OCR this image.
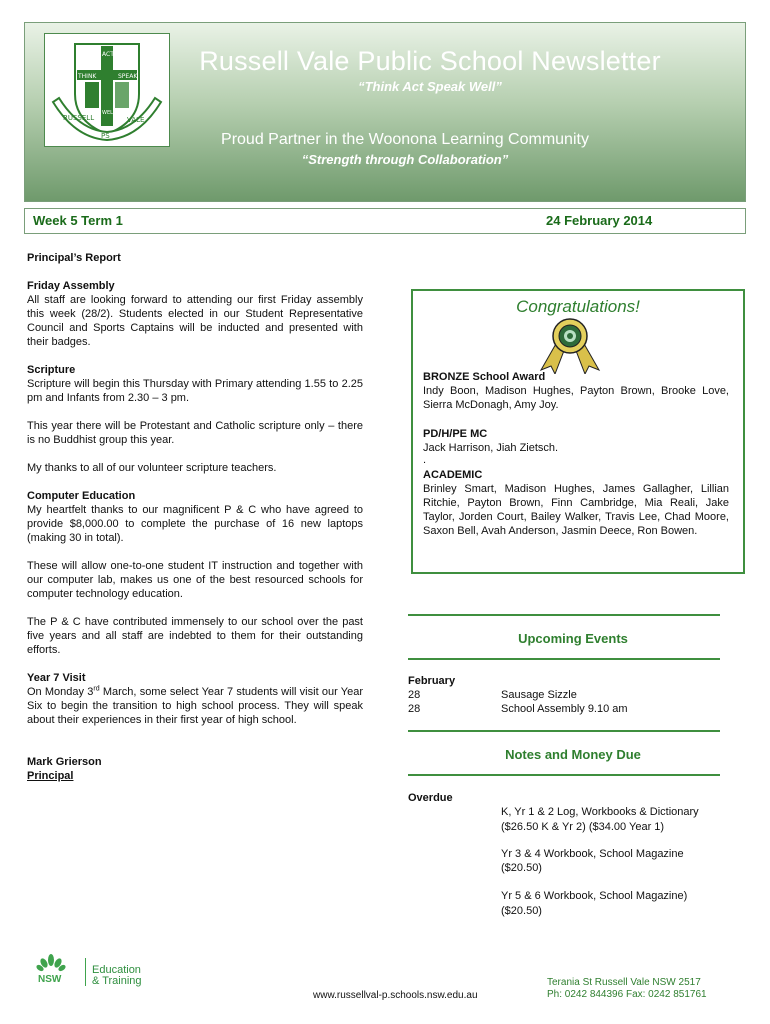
ACT
THINK	SPEAK
WELL
RUSSELL	VALE
PS
Russell Vale Public School Newsletter
“Think Act Speak Well”
Proud Partner in the Woonona Learning Community
“Strength through Collaboration”
Week 5 Term 1	24 February 2014
Principal’s Report
Friday Assembly

All staff are looking forward to attending our first Friday assembly this week (28/2). Students elected in our Student Representative Council and Sports Captains will be inducted and presented with their badges.

Scripture

Scripture will begin this Thursday with Primary attending 1.55 to 2.25 pm and Infants from 2.30 – 3 pm.

This year there will be Protestant and Catholic scripture only – there is no Buddhist group this year.

My thanks to all of our volunteer scripture teachers.

Computer Education

My heartfelt thanks to our magnificent P & C who have agreed to provide $8,000.00 to complete the purchase of 16 new laptops (making 30 in total).

These will allow one-to-one student IT instruction and together with our computer lab, makes us one of the best resourced schools for computer technology education.

The P & C have contributed immensely to our school over the past five years and all staff are indebted to them for their outstanding efforts.

Year 7 Visit

On Monday 3rd March, some select Year 7 students will visit our Year Six to begin the transition to high school process. They will speak about their experiences in their first year of high school.

Mark Grierson
Principal
Congratulations!
BRONZE School Award

Indy Boon, Madison Hughes, Payton Brown, Brooke Love, Sierra McDonagh, Amy Joy.

PD/H/PE MC

Jack Harrison, Jiah Zietsch.

.

ACADEMIC

Brinley Smart, Madison Hughes, James Gallagher, Lillian Ritchie, Payton Brown, Finn Cambridge, Mia Reali, Jake Taylor, Jorden Court, Bailey Walker, Travis Lee, Chad Moore, Saxon Bell, Avah Anderson, Jasmin Deece, Ron Bowen.

Upcoming Events
February
28	Sausage Sizzle
28	School Assembly 9.10 am
Notes and Money Due
Overdue
K, Yr 1 & 2 Log, Workbooks & Dictionary
($26.50 K & Yr 2) ($34.00 Year 1)
Yr 3 & 4 Workbook, School Magazine
($20.50)
Yr 5 & 6 Workbook, School Magazine)
($20.50)
NSW
Education
& Training
www.russellval-p.schools.nsw.edu.au
Terania St Russell Vale NSW 2517
Ph: 0242 844396 Fax: 0242 851761
